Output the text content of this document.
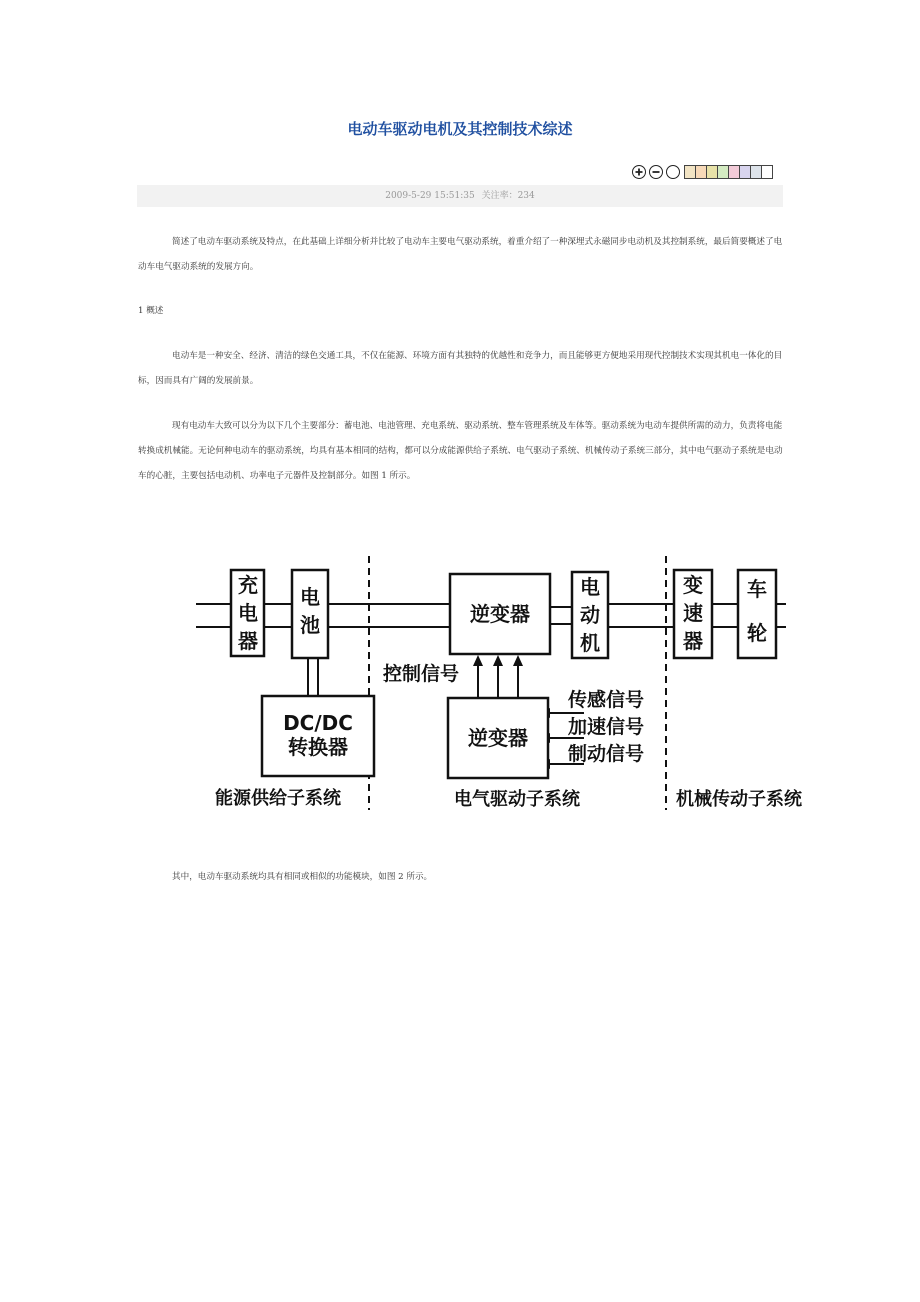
电动车驱动电机及其控制技术综述
2009-5-29 15:51:35 关注率：234

简述了电动车驱动系统及特点，在此基础上详细分析并比较了电动车主要电气驱动系统，着重介绍了一种深埋式永磁同步电动机及其控制系统，最后简要概述了电动车电气驱动系统的发展方向。

1 概述

电动车是一种安全、经济、清洁的绿色交通工具，不仅在能源、环境方面有其独特的优越性和竞争力，而且能够更方便地采用现代控制技术实现其机电一体化的目标，因而具有广阔的发展前景。

现有电动车大致可以分为以下几个主要部分：蓄电池、电池管理、充电系统、驱动系统、整车管理系统及车体等。驱动系统为电动车提供所需的动力，负责将电能转换成机械能。无论何种电动车的驱动系统，均具有基本相同的结构，都可以分成能源供给子系统、电气驱动子系统、机械传动子系统三部分，其中电气驱动子系统是电动车的心脏，主要包括电动机、功率电子元器件及控制部分。如图 1 所示。

充电器
电池
DC/DC
转换器
逆变器
逆变器
电动机
变速器
车轮
控制信号
传感信号
加速信号
制动信号
能源供给子系统	电气驱动子系统	机械传动子系统
其中，电动车驱动系统均具有相同或相似的功能模块，如图 2 所示。
